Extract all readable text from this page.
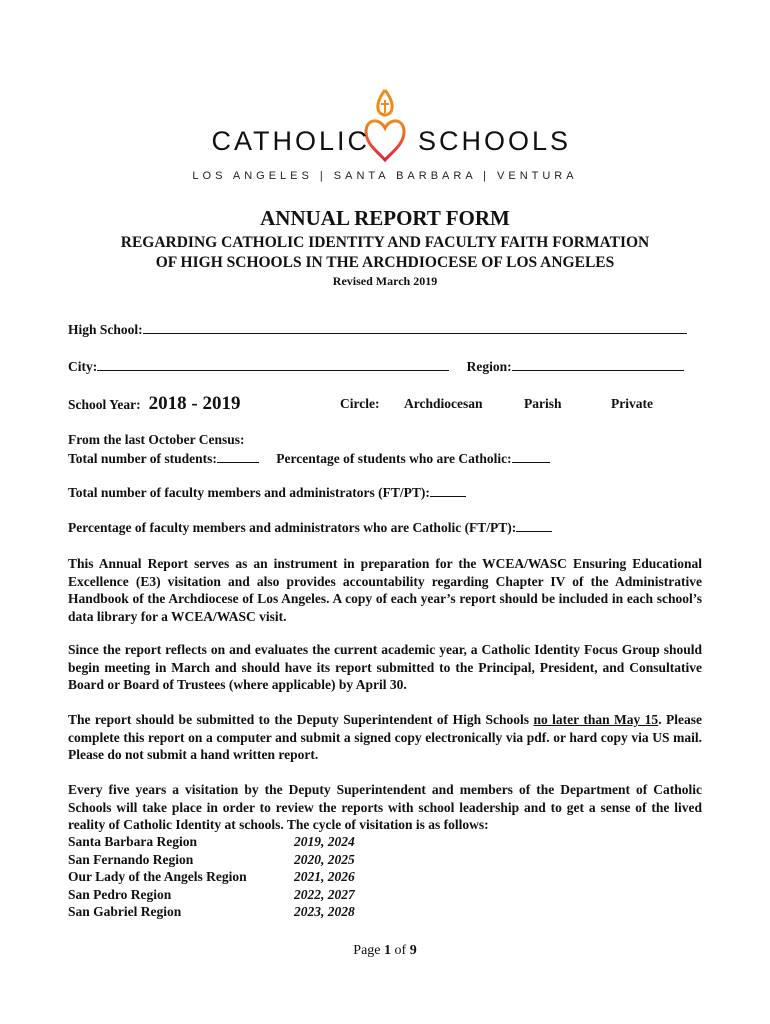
CATHOLIC SCHOOLS
LOS ANGELES | SANTA BARBARA | VENTURA
ANNUAL REPORT FORM
REGARDING CATHOLIC IDENTITY AND FACULTY FAITH FORMATION
OF HIGH SCHOOLS IN THE ARCHDIOCESE OF LOS ANGELES
Revised March 2019
High School:
City:	Region:
School Year: 2018 - 2019	Circle: Archdiocesan	Parish	Private
From the last October Census:
Total number of students:	Percentage of students who are Catholic:
Total number of faculty members and administrators (FT/PT):
Percentage of faculty members and administrators who are Catholic (FT/PT):
This Annual Report serves as an instrument in preparation for the WCEA/WASC Ensuring Educational Excellence (E3) visitation and also provides accountability regarding Chapter IV of the Administrative Handbook of the Archdiocese of Los Angeles. A copy of each year’s report should be included in each school’s data library for a WCEA/WASC visit.
Since the report reflects on and evaluates the current academic year, a Catholic Identity Focus Group should begin meeting in March and should have its report submitted to the Principal, President, and Consultative Board or Board of Trustees (where applicable) by April 30.
The report should be submitted to the Deputy Superintendent of High Schools no later than May 15. Please complete this report on a computer and submit a signed copy electronically via pdf. or hard copy via US mail. Please do not submit a hand written report.
Every five years a visitation by the Deputy Superintendent and members of the Department of Catholic Schools will take place in order to review the reports with school leadership and to get a sense of the lived reality of Catholic Identity at schools. The cycle of visitation is as follows:
Santa Barbara Region	2019, 2024
San Fernando Region	2020, 2025
Our Lady of the Angels Region	2021, 2026
San Pedro Region	2022, 2027
San Gabriel Region	2023, 2028
Page 1 of 9
